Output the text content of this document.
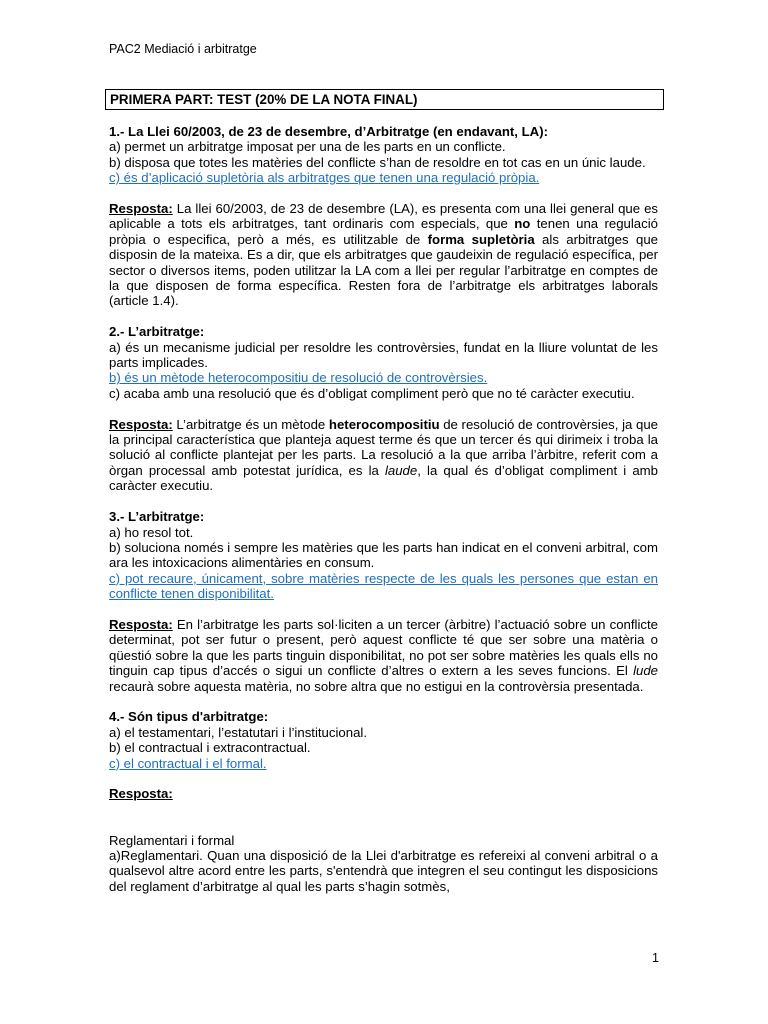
PAC2 Mediació i arbitratge
PRIMERA PART: TEST (20% DE LA NOTA FINAL)

1.- La Llei 60/2003, de 23 de desembre, d’Arbitratge (en endavant, LA):

a) permet un arbitratge imposat per una de les parts en un conflicte.

b) disposa que totes les matèries del conflicte s’han de resoldre en tot cas en un únic laude.

c) és d’aplicació supletòria als arbitratges que tenen una regulació pròpia.

Resposta: La llei 60/2003, de 23 de desembre (LA), es presenta com una llei general que es aplicable a tots els arbitratges, tant ordinaris com especials, que no tenen una regulació pròpia o especifica, però a més, es utilitzable de forma supletòria als arbitratges que disposin de la mateixa. Es a dir, que els arbitratges que gaudeixin de regulació específica, per sector o diversos items, poden utilitzar la LA com a llei per regular l’arbitratge en comptes de la que disposen de forma específica. Resten fora de l’arbitratge els arbitratges laborals (article 1.4).

2.- L’arbitratge:

a) és un mecanisme judicial per resoldre les controvèrsies, fundat en la lliure voluntat de les parts implicades.

b) és un mètode heterocompositiu de resolució de controvèrsies.

c) acaba amb una resolució que és d’obligat compliment però que no té caràcter executiu.

Resposta: L’arbitratge és un mètode heterocompositiu de resolució de controvèrsies, ja que la principal característica que planteja aquest terme és que un tercer és qui dirimeix i troba la solució al conflicte plantejat per les parts. La resolució a la que arriba l’àrbitre, referit com a òrgan processal amb potestat jurídica, es la laude, la qual és d’obligat compliment i amb caràcter executiu.

3.- L’arbitratge:

a) ho resol tot.

b) soluciona només i sempre les matèries que les parts han indicat en el conveni arbitral, com ara les intoxicacions alimentàries en consum.

c) pot recaure, únicament, sobre matèries respecte de les quals les persones que estan en conflicte tenen disponibilitat.

Resposta: En l’arbitratge les parts sol·liciten a un tercer (àrbitre) l’actuació sobre un conflicte determinat, pot ser futur o present, però aquest conflicte té que ser sobre una matèria o qüestió sobre la que les parts tinguin disponibilitat, no pot ser sobre matèries les quals ells no tinguin cap tipus d’accés o sigui un conflicte d’altres o extern a les seves funcions. El lude recaurà sobre aquesta matèria, no sobre altra que no estigui en la controvèrsia presentada.

4.- Són tipus d'arbitratge:

a) el testamentari, l’estatutari i l’institucional.

b) el contractual i extracontractual.

c) el contractual i el formal.

Resposta:

Reglamentari i formal

a)Reglamentari. Quan una disposició de la Llei d'arbitratge es refereixi al conveni arbitral o a qualsevol altre acord entre les parts, s'entendrà que integren el seu contingut les disposicions del reglament d’arbitratge al qual les parts s’hagin sotmès,

1
